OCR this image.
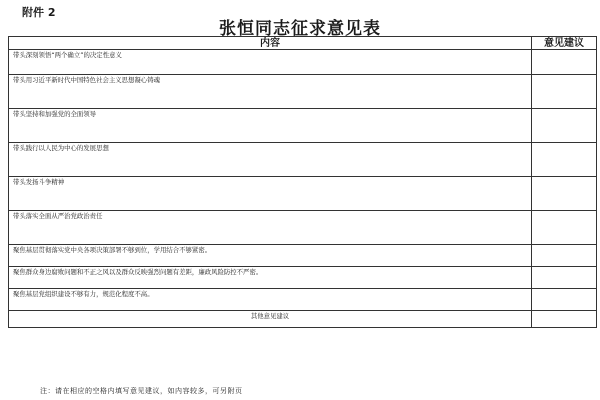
附件 2
张恒同志征求意见表
内容	意见建议
带头深刻领悟“两个确立”的决定性意义	
带头用习近平新时代中国特色社会主义思想凝心铸魂	
带头坚持和加强党的全面领导	
带头践行以人民为中心的发展思想	
带头发扬斗争精神	
带头落实全面从严治党政治责任	
聚焦基层贯彻落实党中央各项决策部署不够到位，学用结合不够紧密。	
聚焦群众身边腐败问题和不正之风以及群众反映强烈问题有差距，廉政风险防控不严密。	
聚焦基层党组织建设不够有力，规范化程度不高。	
其他意见建议	
注：请在相应的空格内填写意见建议，如内容较多，可另附页
